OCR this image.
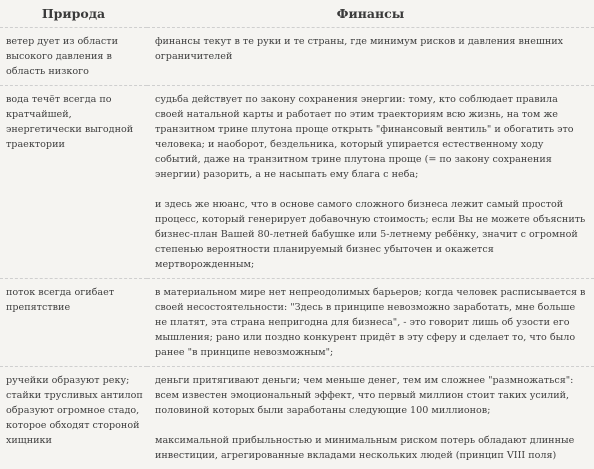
Природа	Финансы
ветер дует из области высокого давления в область низкого	финансы текут в те руки и те страны, где минимум рисков и давления внешних ограничителей

вода течёт всегда по кратчайшей, энергетически выгодной траектории	судьба действует по закону сохранения энергии: тому, кто соблюдает правила своей натальной карты и работает по этим траекториям всю жизнь, на том же транзитном трине плутона проще открыть "финансовый вентиль" и обогатить это человека; и наоборот, бездельника, который упирается естественному ходу событий, даже на транзитном трине плутона проще (= по закону сохранения энергии) разорить, а не насыпать ему блага с неба;

и здесь же нюанс, что в основе самого сложного бизнеса лежит самый простой процесс, который генерирует добавочную стоимость; если Вы не можете объяснить бизнес-план Вашей 80-летней бабушке или 5-летнему ребёнку, значит с огромной степенью вероятности планируемый бизнес убыточен и окажется мертворожденным;

поток всегда огибает препятствие	в материальном мире нет непреодолимых барьеров; когда человек расписывается в своей несостоятельности: "Здесь в принципе невозможно заработать, мне больше не платят, эта страна непригодна для бизнеса", - это говорит лишь об узости его мышления; рано или поздно конкурент придёт в эту сферу и сделает то, что было ранее "в принципе невозможным";

ручейки образуют реку; стайки трусливых антилоп образуют огромное стадо, которое обходят стороной хищники	деньги притягивают деньги; чем меньше денег, тем им сложнее "размножаться": всем известен эмоциональный эффект, что первый миллион стоит таких усилий, половиной которых были заработаны следующие 100 миллионов;

максимальной прибыльностью и минимальным риском потерь обладают длинные инвестиции, агрегированные вкладами нескольких людей (принцип VIII поля)
